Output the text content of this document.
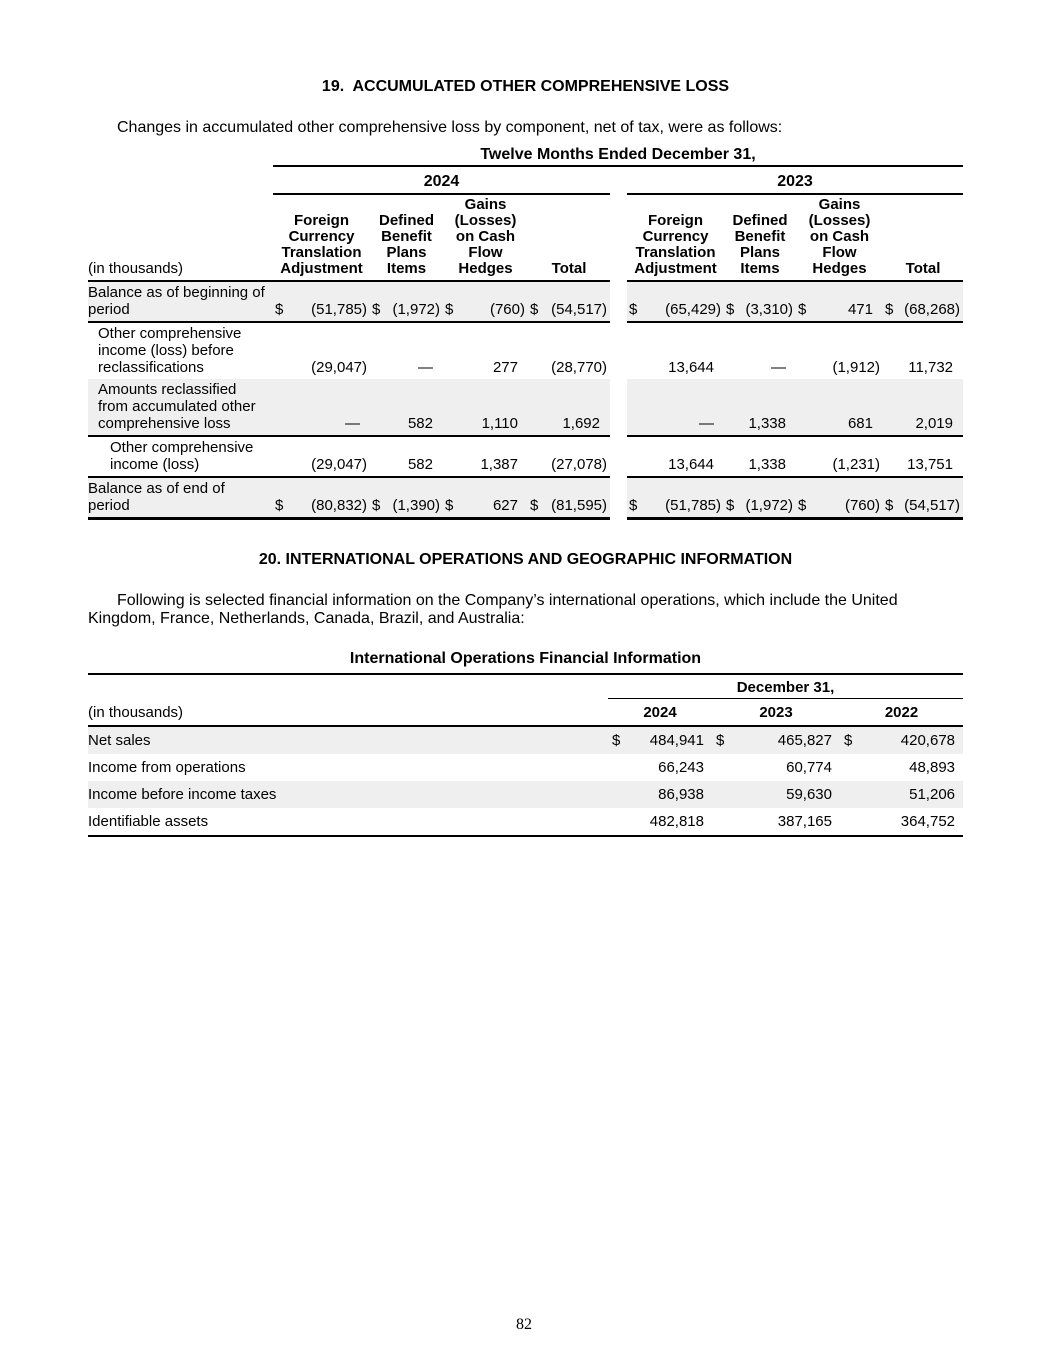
19.  ACCUMULATED OTHER COMPREHENSIVE LOSS

Changes in accumulated other comprehensive loss by component, net of tax, were as follows:

	Twelve Months Ended December 31,								
	2024					2023			
(in thousands)	Foreign Currency Translation Adjustment	Defined Benefit Plans Items	Gains (Losses) on Cash Flow Hedges	Total		Foreign Currency Translation Adjustment	Defined Benefit Plans Items	Gains (Losses) on Cash Flow Hedges	Total
Balance as of beginning of period	$ (51,785)	$ (1,972)	$ (760)	$ (54,517)		$ (65,429)	$ (3,310)	$ 471	$ (68,268)

Other comprehensive income (loss) before reclassifications	(29,047)	—	277	(28,770)		13,644	—	(1,912)	11,732

Amounts reclassified from accumulated other comprehensive loss	—	582	1,110	1,692		—	1,338	681	2,019

Other comprehensive income (loss)	(29,047)	582	1,387	(27,078)		13,644	1,338	(1,231)	13,751

Balance as of end of period	$ (80,832)	$ (1,390)	$ 627	$ (81,595)		$ (51,785)	$ (1,972)	$ (760)	$ (54,517)
20. INTERNATIONAL OPERATIONS AND GEOGRAPHIC INFORMATION

Following is selected financial information on the Company’s international operations, which include the United Kingdom, France, Netherlands, Canada, Brazil, and Australia:

International Operations Financial Information
	December 31,		
(in thousands)	2024	2023	2022
Net sales	$ 484,941	$ 465,827	$ 420,678

Income from operations	66,243	60,774	48,893

Income before income taxes	86,938	59,630	51,206

Identifiable assets	482,818	387,165	364,752
82
